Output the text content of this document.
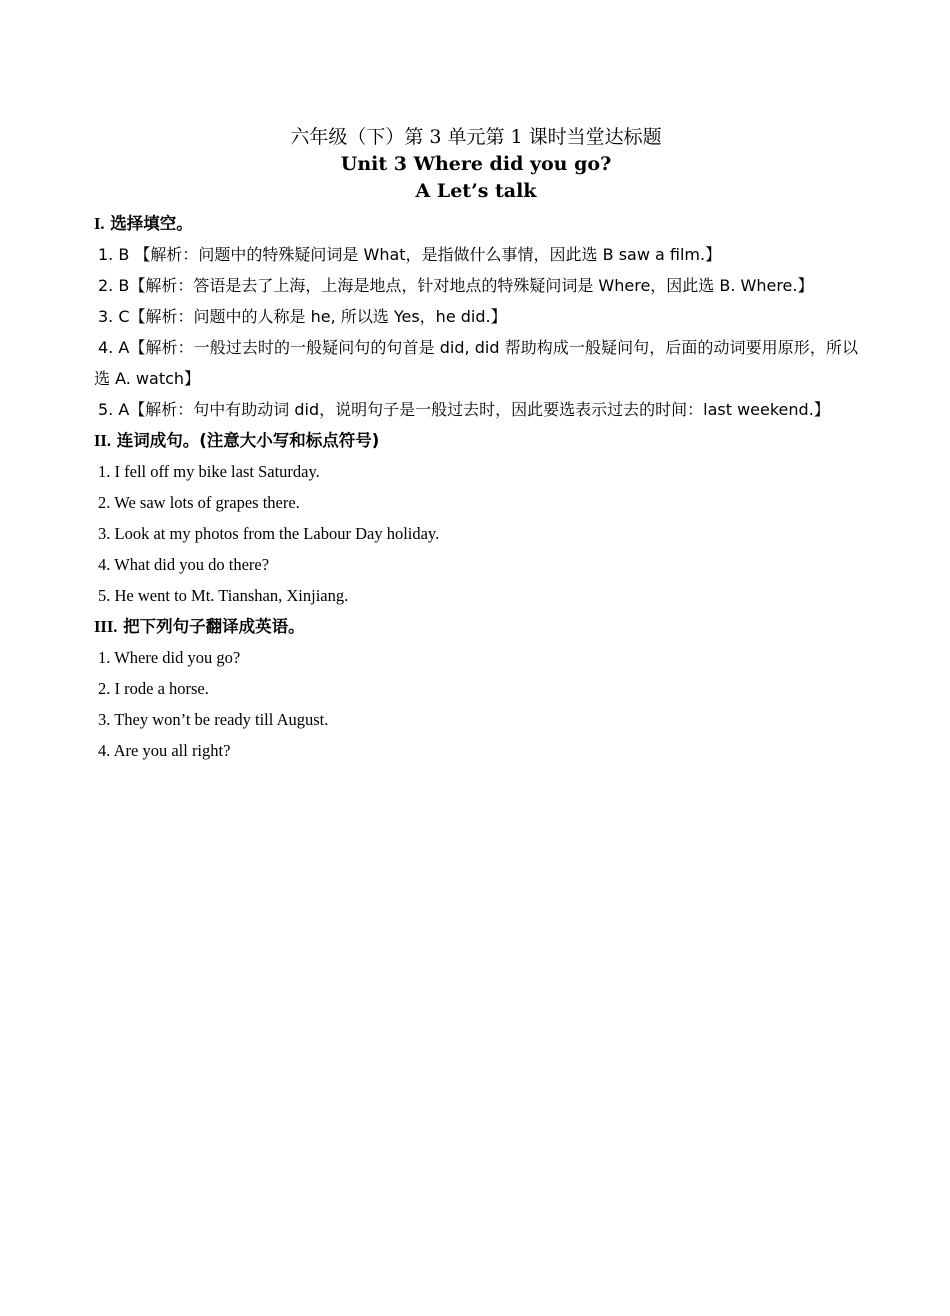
六年级（下）第 3 单元第 1 课时当堂达标题
Unit 3 Where did you go?
A Let’s talk

I. 选择填空。

1. B 【解析：问题中的特殊疑问词是 What，是指做什么事情，因此选 B saw a film.】

2. B【解析：答语是去了上海，上海是地点，针对地点的特殊疑问词是 Where，因此选 B. Where.】

3. C【解析：问题中的人称是 he, 所以选 Yes，he did.】

4. A【解析：一般过去时的一般疑问句的句首是 did, did 帮助构成一般疑问句，后面的动词要用原形，所以选 A. watch】

5. A【解析：句中有助动词 did，说明句子是一般过去时，因此要选表示过去的时间：last weekend.】

II. 连词成句。(注意大小写和标点符号)

1. I fell off my bike last Saturday.

2. We saw lots of grapes there.

3. Look at my photos from the Labour Day holiday.

4. What did you do there?

5. He went to Mt. Tianshan, Xinjiang.

III. 把下列句子翻译成英语。

1. Where did you go?

2. I rode a horse.

3. They won’t be ready till August.

4. Are you all right?
